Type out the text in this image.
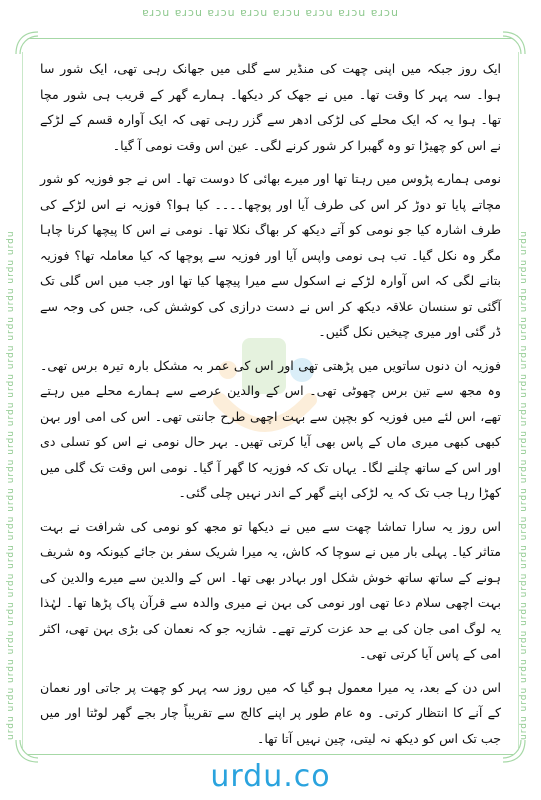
ɐɹɔu ɐɹɔu ɐɹɔu ɐɹɔu ɐɹɔu ɐɹɔu ɐɹɔu ɐɹɔu
urdu urdu urdu urdu urdu urdu urdu urdu urdu urdu urdu urdu urdu urdu urdu urdu urdu urdu	urdu urdu urdu urdu urdu urdu urdu urdu urdu urdu urdu urdu urdu urdu urdu urdu urdu urdu

ایک روز جبکہ میں اپنی چھت کی منڈیر سے گلی میں جھانک رہی تھی، ایک شور سا ہوا۔ سہ پہر کا وقت تھا۔ میں نے جھک کر دیکھا۔ ہمارے گھر کے قریب ہی شور مچا تھا۔ ہوا یہ کہ ایک محلے کی لڑکی ادھر سے گزر رہی تھی کہ ایک آوارہ قسم کے لڑکے نے اس کو چھیڑا تو وہ گھبرا کر شور کرنے لگی۔ عین اس وقت نومی آ گیا۔

نومی ہمارے پڑوس میں رہتا تھا اور میرے بھائی کا دوست تھا۔ اس نے جو فوزیہ کو شور مچاتے پایا تو دوڑ کر اس کی طرف آیا اور پوچھا۔۔۔۔ کیا ہوا؟ فوزیہ نے اس لڑکے کی طرف اشارہ کیا جو نومی کو آتے دیکھ کر بھاگ نکلا تھا۔ نومی نے اس کا پیچھا کرنا چاہا مگر وہ نکل گیا۔ تب ہی نومی واپس آیا اور فوزیہ سے پوچھا کہ کیا معاملہ تھا؟ فوزیہ بتانے لگی کہ اس آوارہ لڑکے نے اسکول سے میرا پیچھا کیا تھا اور جب میں اس گلی تک آگئی تو سنسان علاقہ دیکھ کر اس نے دست درازی کی کوشش کی، جس کی وجہ سے ڈر گئی اور میری چیخیں نکل گئیں۔

فوزیہ ان دنوں ساتویں میں پڑھتی تھی اور اس کی عمر بہ مشکل بارہ تیرہ برس تھی۔ وہ مجھ سے تین برس چھوٹی تھی۔ اس کے والدین عرصے سے ہمارے محلے میں رہتے تھے، اس لئے میں فوزیہ کو بچپن سے بہت اچھی طرح جانتی تھی۔ اس کی امی اور بہن کبھی کبھی میری ماں کے پاس بھی آیا کرتی تھیں۔ بہر حال نومی نے اس کو تسلی دی اور اس کے ساتھ چلنے لگا۔ یہاں تک کہ فوزیہ کا گھر آ گیا۔ نومی اس وقت تک گلی میں کھڑا رہا جب تک کہ یہ لڑکی اپنے گھر کے اندر نہیں چلی گئی۔

اس روز یہ سارا تماشا چھت سے میں نے دیکھا تو مجھ کو نومی کی شرافت نے بہت متاثر کیا۔ پہلی بار میں نے سوچا کہ کاش، یہ میرا شریک سفر بن جائے کیونکہ وہ شریف ہونے کے ساتھ ساتھ خوش شکل اور بہادر بھی تھا۔ اس کے والدین سے میرے والدین کی بہت اچھی سلام دعا تھی اور نومی کی بہن نے میری والدہ سے قرآن پاک پڑھا تھا۔ لہٰذا یہ لوگ امی جان کی بے حد عزت کرتے تھے۔ شازیہ جو کہ نعمان کی بڑی بہن تھی، اکثر امی کے پاس آیا کرتی تھی۔

اس دن کے بعد، یہ میرا معمول ہو گیا کہ میں روز سہ پہر کو چھت پر جاتی اور نعمان کے آنے کا انتظار کرتی۔ وہ عام طور پر اپنے کالج سے تقریباً چار بجے گھر لوٹتا اور میں جب تک اس کو دیکھ نہ لیتی، چین نہیں آتا تھا۔

urdu.co
